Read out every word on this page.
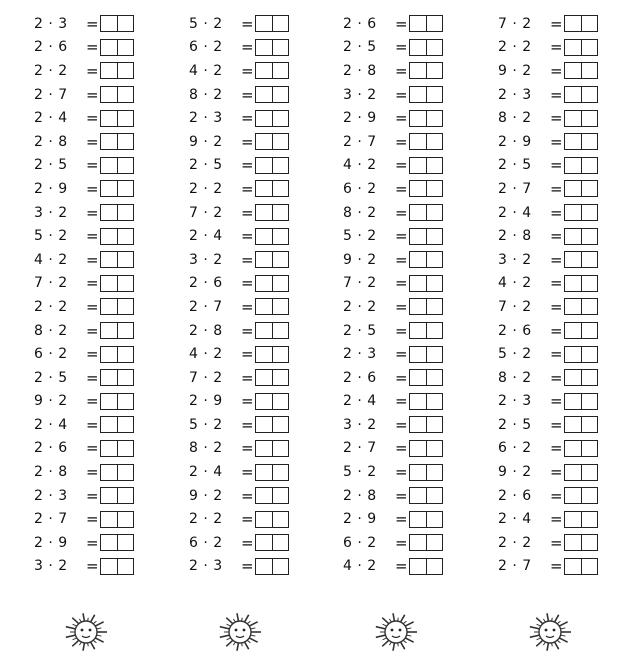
2 · 3	=
2 · 6	=
2 · 2	=
2 · 7	=
2 · 4	=
2 · 8	=
2 · 5	=
2 · 9	=
3 · 2	=
5 · 2	=
4 · 2	=
7 · 2	=
2 · 2	=
8 · 2	=
6 · 2	=
2 · 5	=
9 · 2	=
2 · 4	=
2 · 6	=
2 · 8	=
2 · 3	=
2 · 7	=
2 · 9	=
3 · 2	=
5 · 2	=
6 · 2	=
4 · 2	=
8 · 2	=
2 · 3	=
9 · 2	=
2 · 5	=
2 · 2	=
7 · 2	=
2 · 4	=
3 · 2	=
2 · 6	=
2 · 7	=
2 · 8	=
4 · 2	=
7 · 2	=
2 · 9	=
5 · 2	=
8 · 2	=
2 · 4	=
9 · 2	=
2 · 2	=
6 · 2	=
2 · 3	=
2 · 6	=
2 · 5	=
2 · 8	=
3 · 2	=
2 · 9	=
2 · 7	=
4 · 2	=
6 · 2	=
8 · 2	=
5 · 2	=
9 · 2	=
7 · 2	=
2 · 2	=
2 · 5	=
2 · 3	=
2 · 6	=
2 · 4	=
3 · 2	=
2 · 7	=
5 · 2	=
2 · 8	=
2 · 9	=
6 · 2	=
4 · 2	=
7 · 2	=
2 · 2	=
9 · 2	=
2 · 3	=
8 · 2	=
2 · 9	=
2 · 5	=
2 · 7	=
2 · 4	=
2 · 8	=
3 · 2	=
4 · 2	=
7 · 2	=
2 · 6	=
5 · 2	=
8 · 2	=
2 · 3	=
2 · 5	=
6 · 2	=
9 · 2	=
2 · 6	=
2 · 4	=
2 · 2	=
2 · 7	=
